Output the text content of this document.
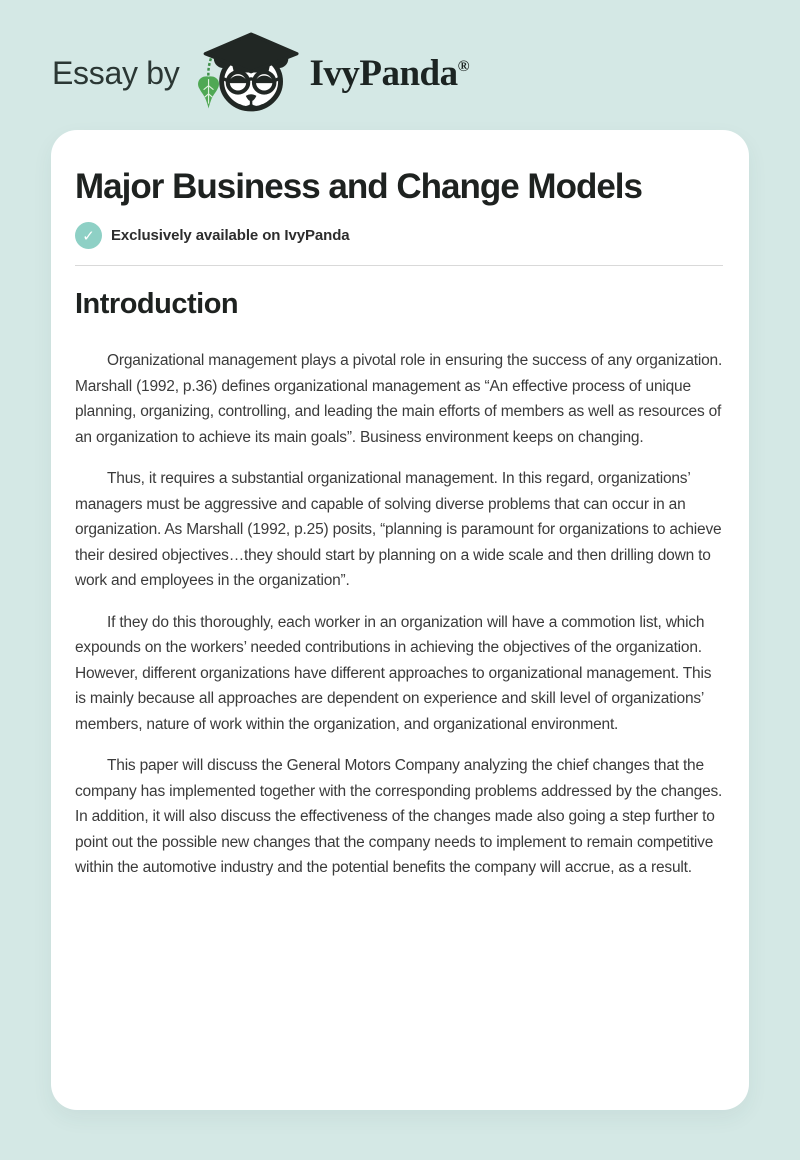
Essay by	IvyPanda®
Major Business and Change Models
✓	Exclusively available on IvyPanda
Introduction

Organizational management plays a pivotal role in ensuring the success of any organization. Marshall (1992, p.36) defines organizational management as “An effective process of unique planning, organizing, controlling, and leading the main efforts of members as well as resources of an organization to achieve its main goals”. Business environment keeps on changing.

Thus, it requires a substantial organizational management. In this regard, organizations’ managers must be aggressive and capable of solving diverse problems that can occur in an organization. As Marshall (1992, p.25) posits, “planning is paramount for organizations to achieve their desired objectives…they should start by planning on a wide scale and then drilling down to work and employees in the organization”.

If they do this thoroughly, each worker in an organization will have a commotion list, which expounds on the workers’ needed contributions in achieving the objectives of the organization. However, different organizations have different approaches to organizational management. This is mainly because all approaches are dependent on experience and skill level of organizations’ members, nature of work within the organization, and organizational environment.

This paper will discuss the General Motors Company analyzing the chief changes that the company has implemented together with the corresponding problems addressed by the changes. In addition, it will also discuss the effectiveness of the changes made also going a step further to point out the possible new changes that the company needs to implement to remain competitive within the automotive industry and the potential benefits the company will accrue, as a result.
